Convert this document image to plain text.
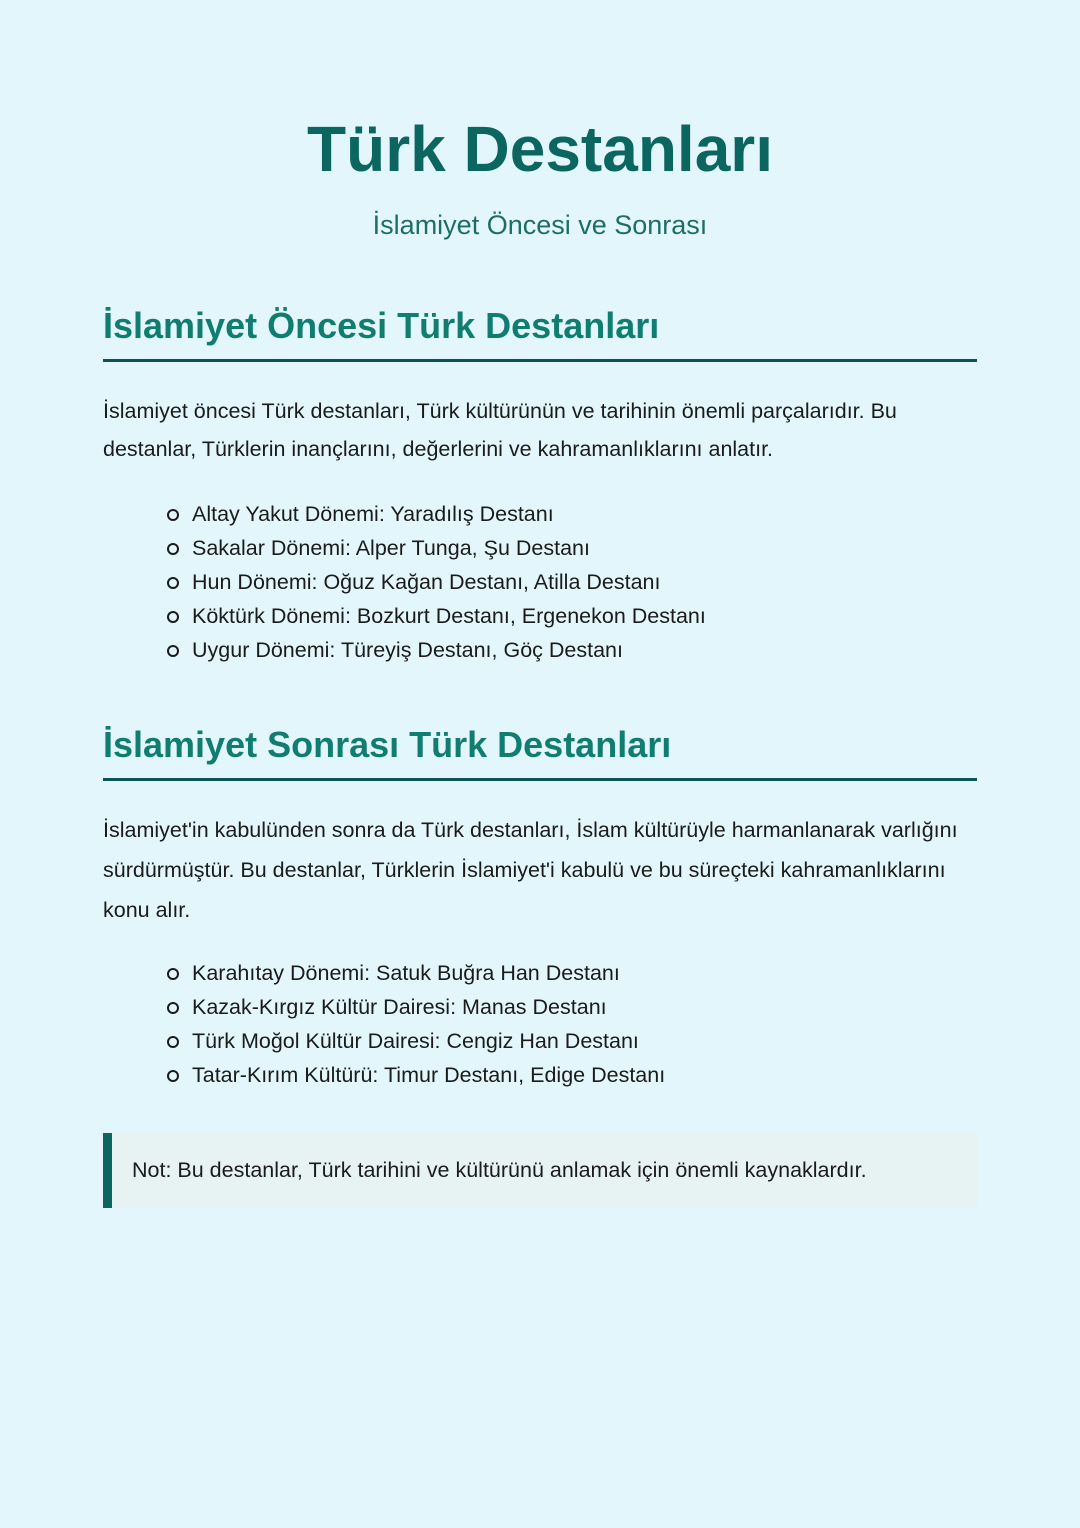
Türk Destanları
İslamiyet Öncesi ve Sonrası
İslamiyet Öncesi Türk Destanları

İslamiyet öncesi Türk destanları, Türk kültürünün ve tarihinin önemli parçalarıdır. Bu destanlar, Türklerin inançlarını, değerlerini ve kahramanlıklarını anlatır.

Altay Yakut Dönemi: Yaradılış Destanı
Sakalar Dönemi: Alper Tunga, Şu Destanı
Hun Dönemi: Oğuz Kağan Destanı, Atilla Destanı
Köktürk Dönemi: Bozkurt Destanı, Ergenekon Destanı
Uygur Dönemi: Türeyiş Destanı, Göç Destanı
İslamiyet Sonrası Türk Destanları

İslamiyet'in kabulünden sonra da Türk destanları, İslam kültürüyle harmanlanarak varlığını sürdürmüştür. Bu destanlar, Türklerin İslamiyet'i kabulü ve bu süreçteki kahramanlıklarını konu alır.

Karahıtay Dönemi: Satuk Buğra Han Destanı
Kazak-Kırgız Kültür Dairesi: Manas Destanı
Türk Moğol Kültür Dairesi: Cengiz Han Destanı
Tatar-Kırım Kültürü: Timur Destanı, Edige Destanı
Not: Bu destanlar, Türk tarihini ve kültürünü anlamak için önemli kaynaklardır.
